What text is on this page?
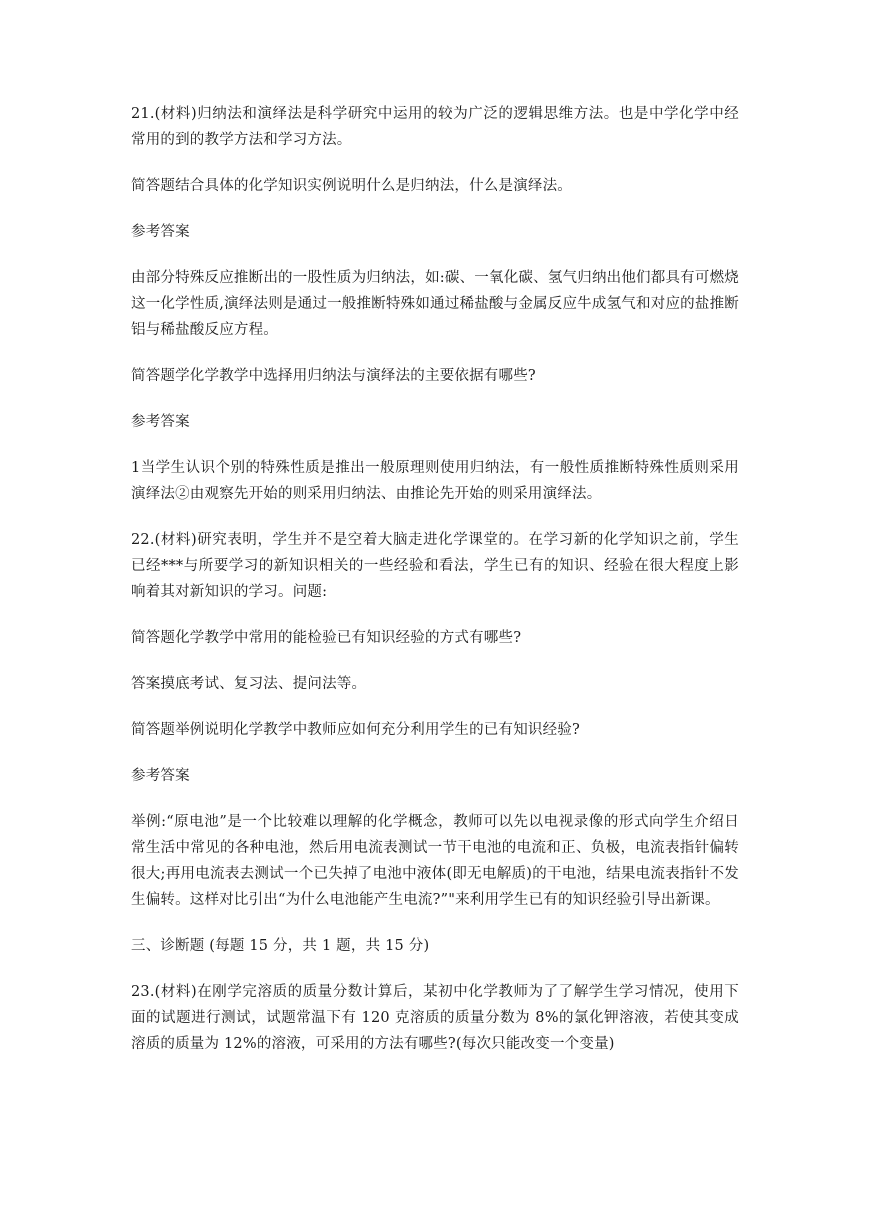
21.(材料)归纳法和演绎法是科学研究中运用的较为广泛的逻辑思维方法。也是中学化学中经常用的到的教学方法和学习方法。

简答题结合具体的化学知识实例说明什么是归纳法，什么是演绎法。

参考答案

由部分特殊反应推断出的一股性质为归纳法，如:碳、一氧化碳、氢气归纳出他们都具有可燃烧这一化学性质,演绎法则是通过一般推断特殊如通过稀盐酸与金属反应牛成氢气和对应的盐推断铝与稀盐酸反应方程。

简答题学化学教学中选择用归纳法与演绎法的主要依据有哪些?

参考答案

1当学生认识个别的特殊性质是推出一般原理则使用归纳法，有一般性质推断特殊性质则采用演绎法②由观察先开始的则采用归纳法、由推论先开始的则采用演绎法。

22.(材料)研究表明，学生并不是空着大脑走进化学课堂的。在学习新的化学知识之前，学生已经***与所要学习的新知识相关的一些经验和看法，学生已有的知识、经验在很大程度上影响着其对新知识的学习。问题:

简答题化学教学中常用的能检验已有知识经验的方式有哪些?

答案摸底考试、复习法、提问法等。

简答题举例说明化学教学中教师应如何充分利用学生的已有知识经验?

参考答案

举例:“原电池”是一个比较难以理解的化学概念，教师可以先以电视录像的形式向学生介绍日常生活中常见的各种电池，然后用电流表测试一节干电池的电流和正、负极，电流表指针偏转很大;再用电流表去测试一个已失掉了电池中液体(即无电解质)的干电池，结果电流表指针不发生偏转。这样对比引出“为什么电池能产生电流?”"来利用学生已有的知识经验引导出新课。

三、诊断题 (每题 15 分，共 1 题，共 15 分)

23.(材料)在刚学完溶质的质量分数计算后，某初中化学教师为了了解学生学习情况，使用下面的试题进行测试，试题常温下有 120 克溶质的质量分数为 8%的氯化钾溶液，若使其变成溶质的质量为 12%的溶液，可采用的方法有哪些?(每次只能改变一个变量)
